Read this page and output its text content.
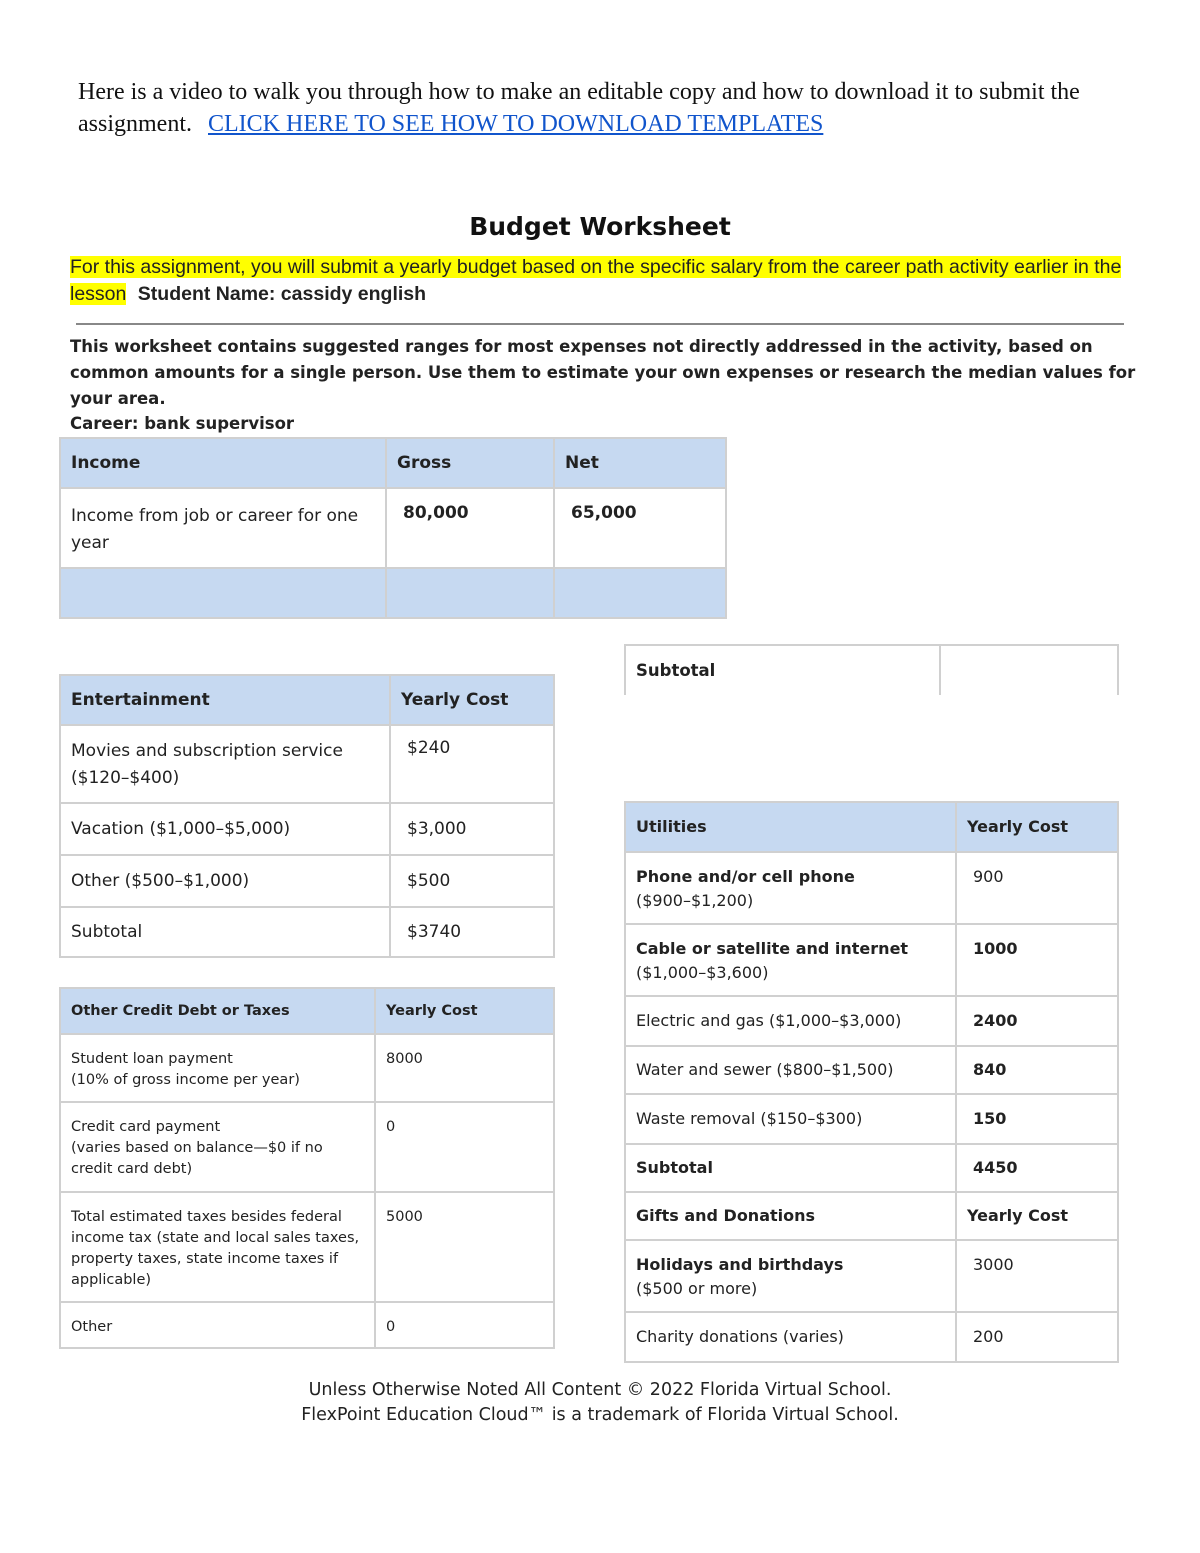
Here is a video to walk you through how to make an editable copy and how to download it to submit the assignment. CLICK HERE TO SEE HOW TO DOWNLOAD TEMPLATES
Budget Worksheet
For this assignment, you will submit a yearly budget based on the specific salary from the career path activity earlier in the lesson Student Name: cassidy english
This worksheet contains suggested ranges for most expenses not directly addressed in the activity, based on common amounts for a single person. Use them to estimate your own expenses or research the median values for your area.
Career: bank supervisor
Income	Gross	Net
Income from job or career for one year	80,000	65,000

Subtotal	
Entertainment	Yearly Cost
Movies and subscription service ($120–$400)	$240
Vacation ($1,000–$5,000)	$3,000
Other ($500–$1,000)	$500
Subtotal	$3740
Other Credit Debt or Taxes	Yearly Cost

Student loan payment
(10% of gross income per year)	8000

Credit card payment
(varies based on balance—$0 if no credit card debt)	0
Total estimated taxes besides federal income tax (state and local sales taxes, property taxes, state income taxes if applicable)	5000
Other	0
Utilities	Yearly Cost

Phone and/or cell phone
($900–$1,200)	900

Cable or satellite and internet
($1,000–$3,600)	1000
Electric and gas ($1,000–$3,000)	2400
Water and sewer ($800–$1,500)	840
Waste removal ($150–$300)	150
Subtotal	4450
Gifts and Donations	Yearly Cost

Holidays and birthdays
($500 or more)	3000
Charity donations (varies)	200
Unless Otherwise Noted All Content © 2022 Florida Virtual School.
FlexPoint Education Cloud™ is a trademark of Florida Virtual School.
